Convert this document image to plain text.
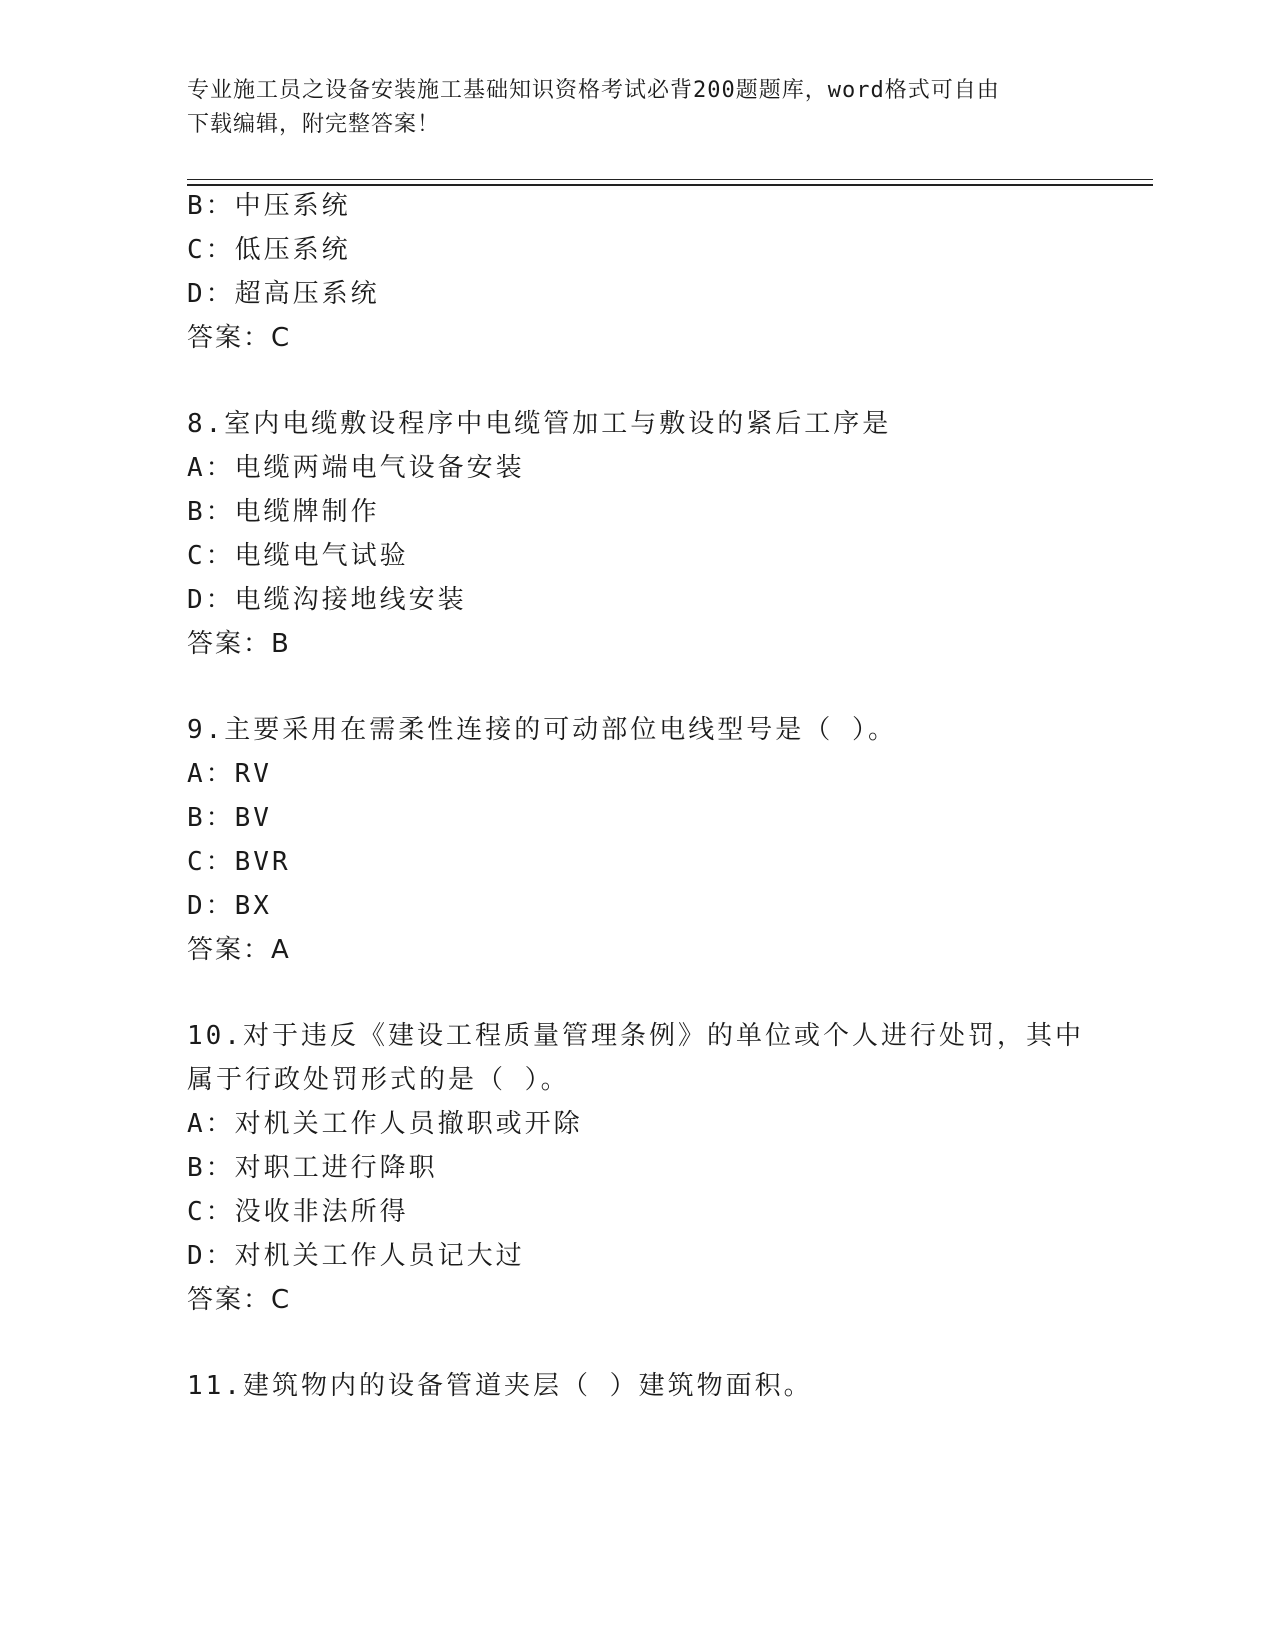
专业施工员之设备安装施工基础知识资格考试必背200题题库，word格式可自由
下载编辑，附完整答案！
B：中压系统
C：低压系统
D：超高压系统
答案：C
8.室内电缆敷设程序中电缆管加工与敷设的紧后工序是
A：电缆两端电气设备安装
B：电缆牌制作
C：电缆电气试验
D：电缆沟接地线安装
答案：B
9.主要采用在需柔性连接的可动部位电线型号是（ ）。
A：RV
B：BV
C：BVR
D：BX
答案：A
10.对于违反《建设工程质量管理条例》的单位或个人进行处罚，其中
属于行政处罚形式的是（ ）。
A：对机关工作人员撤职或开除
B：对职工进行降职
C：没收非法所得
D：对机关工作人员记大过
答案：C
11.建筑物内的设备管道夹层（ ）建筑物面积。
